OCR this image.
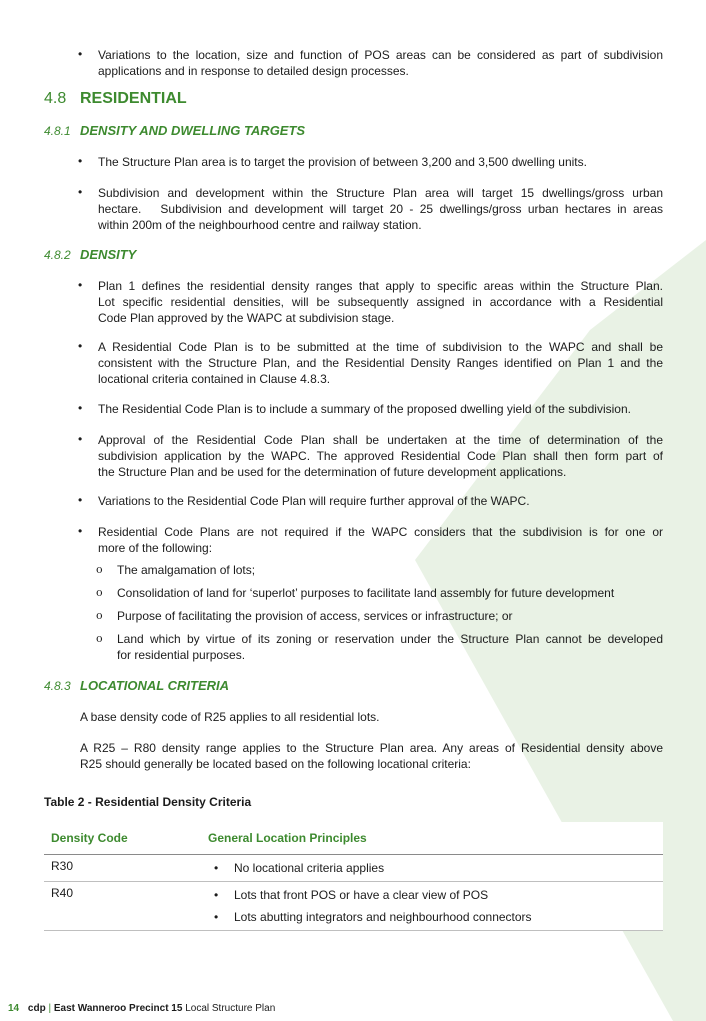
•	Variations to the location, size and function of POS areas can be considered as part of subdivision
applications and in response to detailed design processes.
4.8 RESIDENTIAL
4.8.1 DENSITY AND DWELLING TARGETS
•	The Structure Plan area is to target the provision of between 3,200 and 3,500 dwelling units.
•	Subdivision and development within the Structure Plan area will target 15 dwellings/gross urban
hectare.   Subdivision and development will target 20 - 25 dwellings/gross urban hectares in areas
within 200m of the neighbourhood centre and railway station.
4.8.2 DENSITY
•	Plan 1 defines the residential density ranges that apply to specific areas within the Structure Plan.
Lot specific residential densities, will be subsequently assigned in accordance with a Residential
Code Plan approved by the WAPC at subdivision stage.
•	A Residential Code Plan is to be submitted at the time of subdivision to the WAPC and shall be
consistent with the Structure Plan, and the Residential Density Ranges identified on Plan 1 and the
locational criteria contained in Clause 4.8.3.
•	The Residential Code Plan is to include a summary of the proposed dwelling yield of the subdivision.
•	Approval of the Residential Code Plan shall be undertaken at the time of determination of the
subdivision application by the WAPC. The approved Residential Code Plan shall then form part of
the Structure Plan and be used for the determination of future development applications.
•	Variations to the Residential Code Plan will require further approval of the WAPC.
•	Residential Code Plans are not required if the WAPC considers that the subdivision is for one or
more of the following:
o The amalgamation of lots;
o Consolidation of land for ‘superlot’ purposes to facilitate land assembly for future development
o Purpose of facilitating the provision of access, services or infrastructure; or
o Land which by virtue of its zoning or reservation under the Structure Plan cannot be developed
for residential purposes.
4.8.3 LOCATIONAL CRITERIA
A base density code of R25 applies to all residential lots.
A R25 – R80 density range applies to the Structure Plan area. Any areas of Residential density above
R25 should generally be located based on the following locational criteria:
Table 2 - Residential Density Criteria
Density Code	General Location Principles
R30	• No locational criteria applies

R40	• Lots that front POS or have a clear view of POS
• Lots abutting integrators and neighbourhood connectors
14 cdp | East Wanneroo Precinct 15 Local Structure Plan
